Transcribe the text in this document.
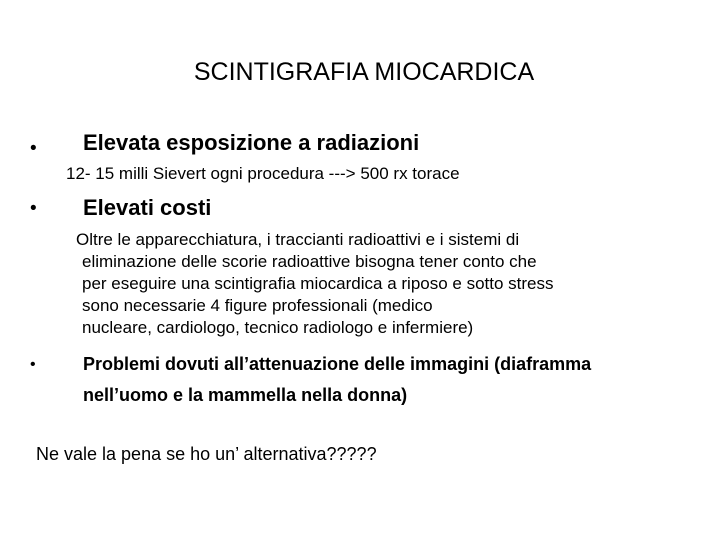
SCINTIGRAFIA MIOCARDICA
• Elevata esposizione a radiazioni
12- 15 milli Sievert ogni procedura ---> 500 rx torace
• Elevati costi
Oltre le apparecchiatura, i traccianti radioattivi e i sistemi di
eliminazione delle scorie radioattive bisogna tener conto che
per eseguire una scintigrafia miocardica a riposo e sotto stress
sono necessarie 4 figure professionali (medico
nucleare, cardiologo, tecnico radiologo e infermiere)
•	Problemi dovuti all’attenuazione delle immagini (diaframma
nell’uomo e la mammella nella donna)
Ne vale la pena se ho un’ alternativa?????
